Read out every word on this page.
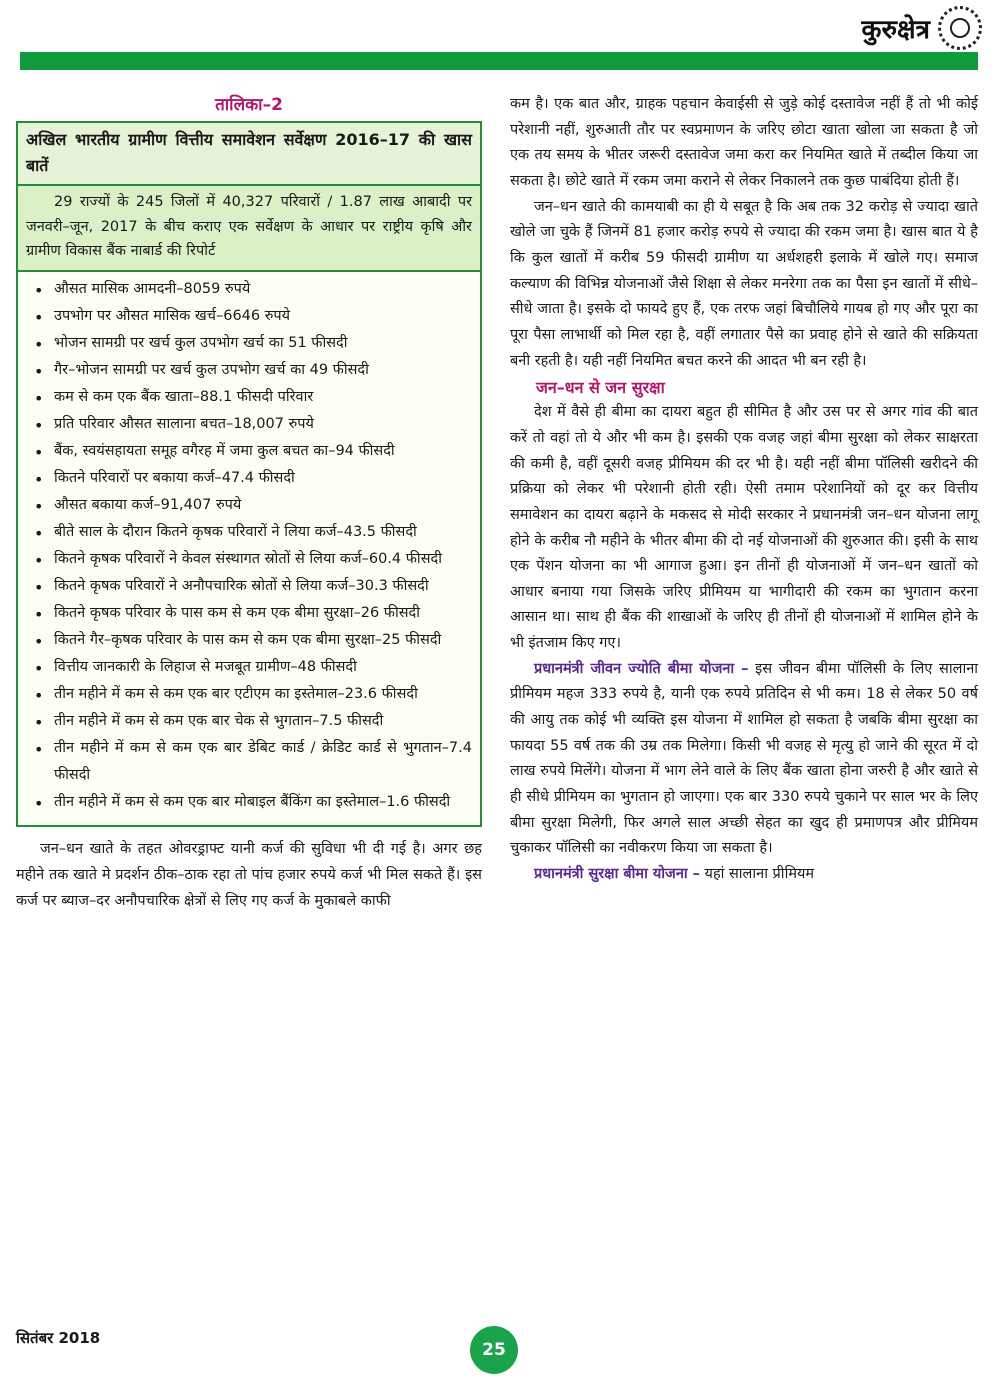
कुरुक्षेत्र
तालिका–2
अखिल भारतीय ग्रामीण वित्तीय समावेशन सर्वेक्षण 2016–17 की खास बातें
29 राज्यों के 245 जिलों में 40,327 परिवारों / 1.87 लाख आबादी पर जनवरी–जून, 2017 के बीच कराए एक सर्वेक्षण के आधार पर राष्ट्रीय कृषि और ग्रामीण विकास बैंक नाबार्ड की रिपोर्ट
• औसत मासिक आमदनी–8059 रुपये
• उपभोग पर औसत मासिक खर्च–6646 रुपये
• भोजन सामग्री पर खर्च कुल उपभोग खर्च का 51 फीसदी
• गैर–भोजन सामग्री पर खर्च कुल उपभोग खर्च का 49 फीसदी
• कम से कम एक बैंक खाता–88.1 फीसदी परिवार
• प्रति परिवार औसत सालाना बचत–18,007 रुपये
• बैंक, स्वयंसहायता समूह वगैरह में जमा कुल बचत का–94 फीसदी
• कितने परिवारों पर बकाया कर्ज–47.4 फीसदी
• औसत बकाया कर्ज–91,407 रुपये
• बीते साल के दौरान कितने कृषक परिवारों ने लिया कर्ज–43.5 फीसदी
• कितने कृषक परिवारों ने केवल संस्थागत स्रोतों से लिया कर्ज–60.4 फीसदी
• कितने कृषक परिवारों ने अनौपचारिक स्रोतों से लिया कर्ज–30.3 फीसदी
• कितने कृषक परिवार के पास कम से कम एक बीमा सुरक्षा–26 फीसदी
• कितने गैर–कृषक परिवार के पास कम से कम एक बीमा सुरक्षा–25 फीसदी
• वित्तीय जानकारी के लिहाज से मजबूत ग्रामीण–48 फीसदी
• तीन महीने में कम से कम एक बार एटीएम का इस्तेमाल–23.6 फीसदी
• तीन महीने में कम से कम एक बार चेक से भुगतान–7.5 फीसदी
• तीन महीने में कम से कम एक बार डेबिट कार्ड / क्रेडिट कार्ड से भुगतान–7.4 फीसदी
• तीन महीने में कम से कम एक बार मोबाइल बैंकिंग का इस्तेमाल–1.6 फीसदी

जन–धन खाते के तहत ओवरड्राफ्ट यानी कर्ज की सुविधा भी दी गई है। अगर छह महीने तक खाते मे प्रदर्शन ठीक–ठाक रहा तो पांच हजार रुपये कर्ज भी मिल सकते हैं। इस कर्ज पर ब्याज–दर अनौपचारिक क्षेत्रों से लिए गए कर्ज के मुकाबले काफी

कम है। एक बात और, ग्राहक पहचान केवाईसी से जुड़े कोई दस्तावेज नहीं हैं तो भी कोई परेशानी नहीं, शुरुआती तौर पर स्वप्रमाणन के जरिए छोटा खाता खोला जा सकता है जो एक तय समय के भीतर जरूरी दस्तावेज जमा करा कर नियमित खाते में तब्दील किया जा सकता है। छोटे खाते में रकम जमा कराने से लेकर निकालने तक कुछ पाबंदिया होती हैं।

जन–धन खाते की कामयाबी का ही ये सबूत है कि अब तक 32 करोड़ से ज्यादा खाते खोले जा चुके हैं जिनमें 81 हजार करोड़ रुपये से ज्यादा की रकम जमा है। खास बात ये है कि कुल खातों में करीब 59 फीसदी ग्रामीण या अर्धशहरी इलाके में खोले गए। समाज कल्याण की विभिन्न योजनाओं जैसे शिक्षा से लेकर मनरेगा तक का पैसा इन खातों में सीधे–सीधे जाता है। इसके दो फायदे हुए हैं, एक तरफ जहां बिचौलिये गायब हो गए और पूरा का पूरा पैसा लाभार्थी को मिल रहा है, वहीं लगातार पैसे का प्रवाह होने से खाते की सक्रियता बनी रहती है। यही नहीं नियमित बचत करने की आदत भी बन रही है।

जन–धन से जन सुरक्षा

देश में वैसे ही बीमा का दायरा बहुत ही सीमित है और उस पर से अगर गांव की बात करें तो वहां तो ये और भी कम है। इसकी एक वजह जहां बीमा सुरक्षा को लेकर साक्षरता की कमी है, वहीं दूसरी वजह प्रीमियम की दर भी है। यही नहीं बीमा पॉलिसी खरीदने की प्रक्रिया को लेकर भी परेशानी होती रही। ऐसी तमाम परेशानियों को दूर कर वित्तीय समावेशन का दायरा बढ़ाने के मकसद से मोदी सरकार ने प्रधानमंत्री जन–धन योजना लागू होने के करीब नौ महीने के भीतर बीमा की दो नई योजनाओं की शुरुआत की। इसी के साथ एक पेंशन योजना का भी आगाज हुआ। इन तीनों ही योजनाओं में जन–धन खातों को आधार बनाया गया जिसके जरिए प्रीमियम या भागीदारी की रकम का भुगतान करना आसान था। साथ ही बैंक की शाखाओं के जरिए ही तीनों ही योजनाओं में शामिल होने के भी इंतजाम किए गए।

प्रधानमंत्री जीवन ज्योति बीमा योजना – इस जीवन बीमा पॉलिसी के लिए सालाना प्रीमियम महज 333 रुपये है, यानी एक रुपये प्रतिदिन से भी कम। 18 से लेकर 50 वर्ष की आयु तक कोई भी व्यक्ति इस योजना में शामिल हो सकता है जबकि बीमा सुरक्षा का फायदा 55 वर्ष तक की उम्र तक मिलेगा। किसी भी वजह से मृत्यु हो जाने की सूरत में दो लाख रुपये मिलेंगे। योजना में भाग लेने वाले के लिए बैंक खाता होना जरुरी है और खाते से ही सीधे प्रीमियम का भुगतान हो जाएगा। एक बार 330 रुपये चुकाने पर साल भर के लिए बीमा सुरक्षा मिलेगी, फिर अगले साल अच्छी सेहत का खुद ही प्रमाणपत्र और प्रीमियम चुकाकर पॉलिसी का नवीकरण किया जा सकता है।

प्रधानमंत्री सुरक्षा बीमा योजना – यहां सालाना प्रीमियम

सितंबर 2018
25
